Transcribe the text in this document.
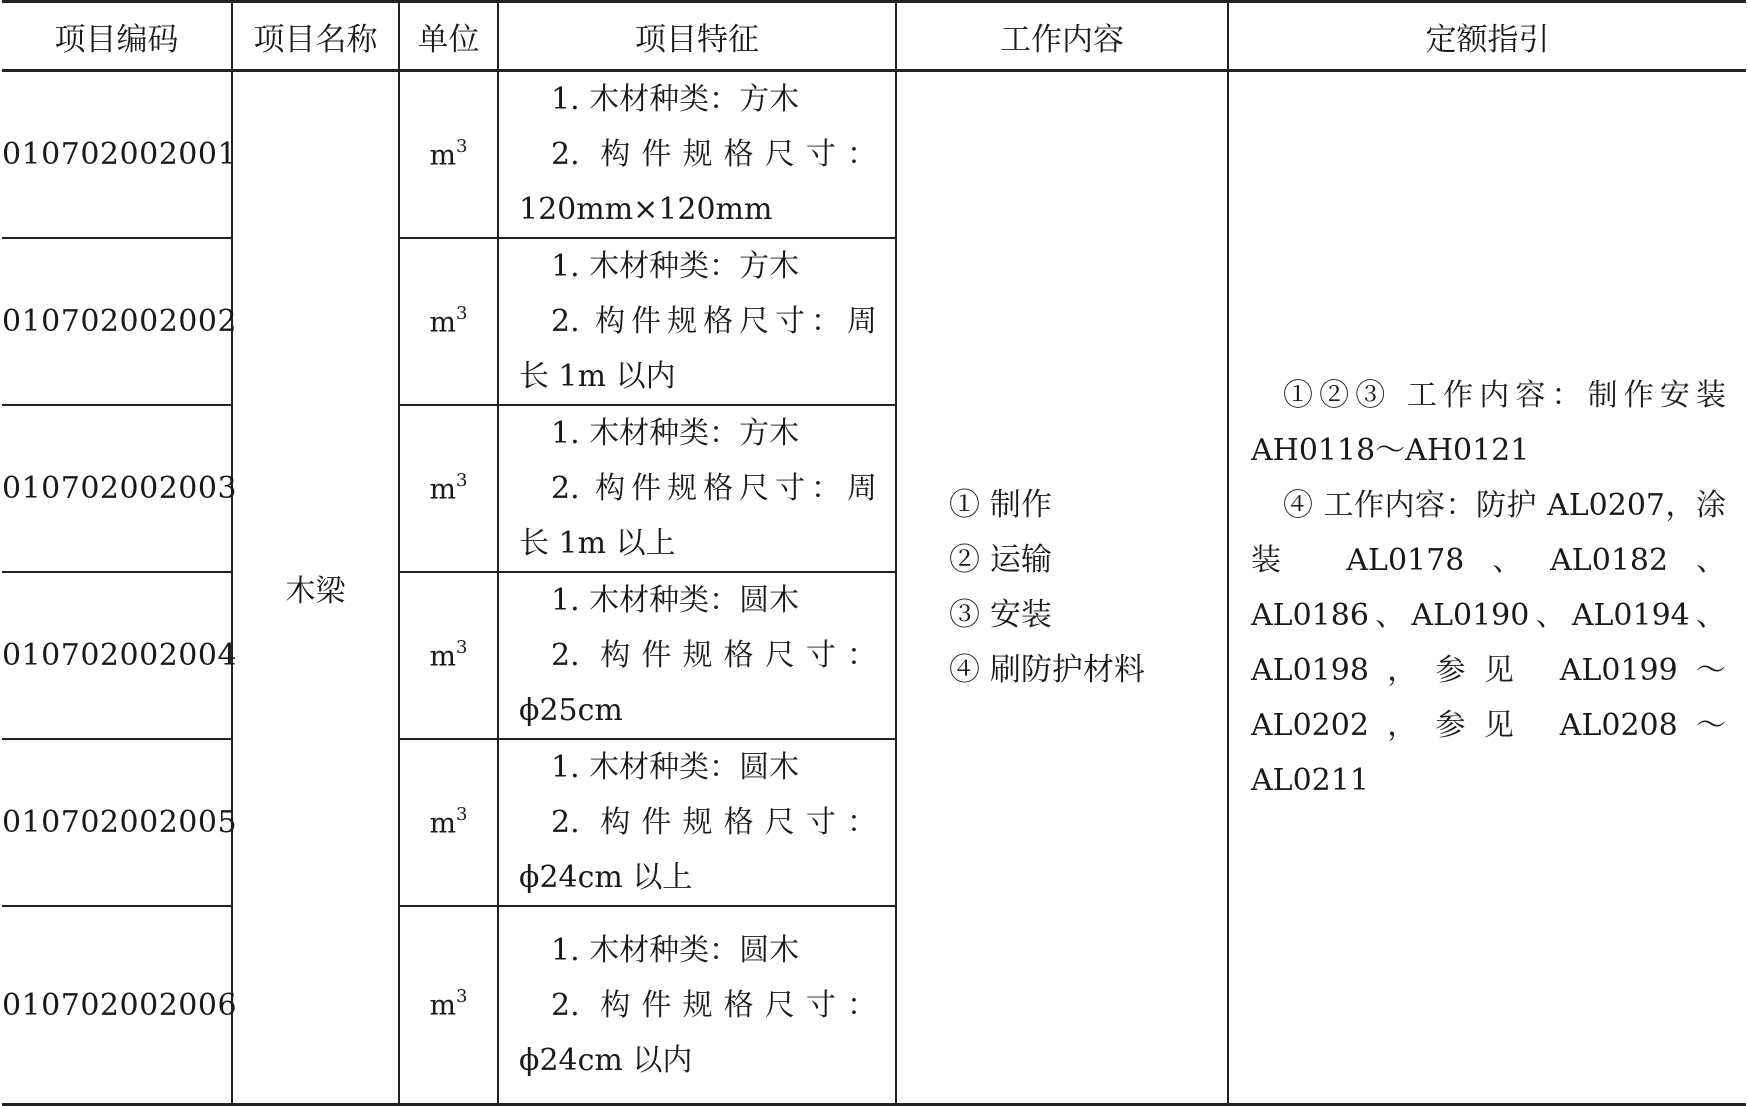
项目编码	项目名称	单位	项目特征	工作内容	定额指引
010702002001	木梁	$m^3$	1. 木材种类：方木
2. 构件规格尺寸：
120mm×120mm	① 制作
② 运输
③ 安装
④ 刷防护材料	①②③ 工作内容：制作安装 AH0118～AH0121
④ 工作内容：防护 AL0207，涂装 AL0178、AL0182、AL0186、AL0190、AL0194、AL0198，参见 AL0199～AL0202，参见 AL0208～AL0211

010702002002		$m^3$	1. 木材种类：方木
2. 构件规格尺寸：周
长 1m 以内		

010702002003		$m^3$	1. 木材种类：方木
2. 构件规格尺寸：周
长 1m 以上		

010702002004		$m^3$	1. 木材种类：圆木
2. 构件规格尺寸：
ϕ25cm		

010702002005		$m^3$	1. 木材种类：圆木
2. 构件规格尺寸：
ϕ24cm 以上		

010702002006		$m^3$	1. 木材种类：圆木
2. 构件规格尺寸：
ϕ24cm 以内		
